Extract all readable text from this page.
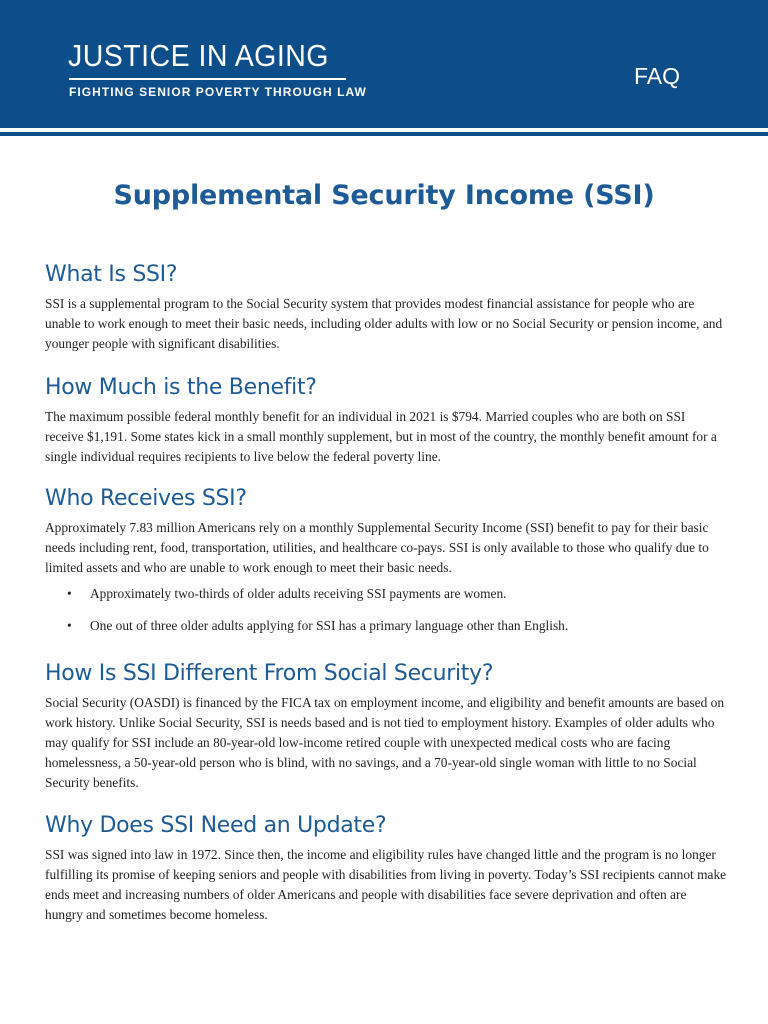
JUSTICE IN AGING
FIGHTING SENIOR POVERTY THROUGH LAW
FAQ
Supplemental Security Income (SSI)
What Is SSI?

SSI is a supplemental program to the Social Security system that provides modest financial assistance for people who are unable to work enough to meet their basic needs, including older adults with low or no Social Security or pension income, and younger people with significant disabilities.

How Much is the Benefit?

The maximum possible federal monthly benefit for an individual in 2021 is $794. Married couples who are both on SSI receive $1,191. Some states kick in a small monthly supplement, but in most of the country, the monthly benefit amount for a single individual requires recipients to live below the federal poverty line.

Who Receives SSI?

Approximately 7.83 million Americans rely on a monthly Supplemental Security Income (SSI) benefit to pay for their basic needs including rent, food, transportation, utilities, and healthcare co-pays. SSI is only available to those who qualify due to limited assets and who are unable to work enough to meet their basic needs.

• Approximately two-thirds of older adults receiving SSI payments are women.
• One out of three older adults applying for SSI has a primary language other than English.
How Is SSI Different From Social Security?

Social Security (OASDI) is financed by the FICA tax on employment income, and eligibility and benefit amounts are based on work history. Unlike Social Security, SSI is needs based and is not tied to employment history. Examples of older adults who may qualify for SSI include an 80-year-old low-income retired couple with unexpected medical costs who are facing homelessness, a 50-year-old person who is blind, with no savings, and a 70-year-old single woman with little to no Social Security benefits.

Why Does SSI Need an Update?

SSI was signed into law in 1972. Since then, the income and eligibility rules have changed little and the program is no longer fulfilling its promise of keeping seniors and people with disabilities from living in poverty. Today’s SSI recipients cannot make ends meet and increasing numbers of older Americans and people with disabilities face severe deprivation and often are hungry and sometimes become homeless.
